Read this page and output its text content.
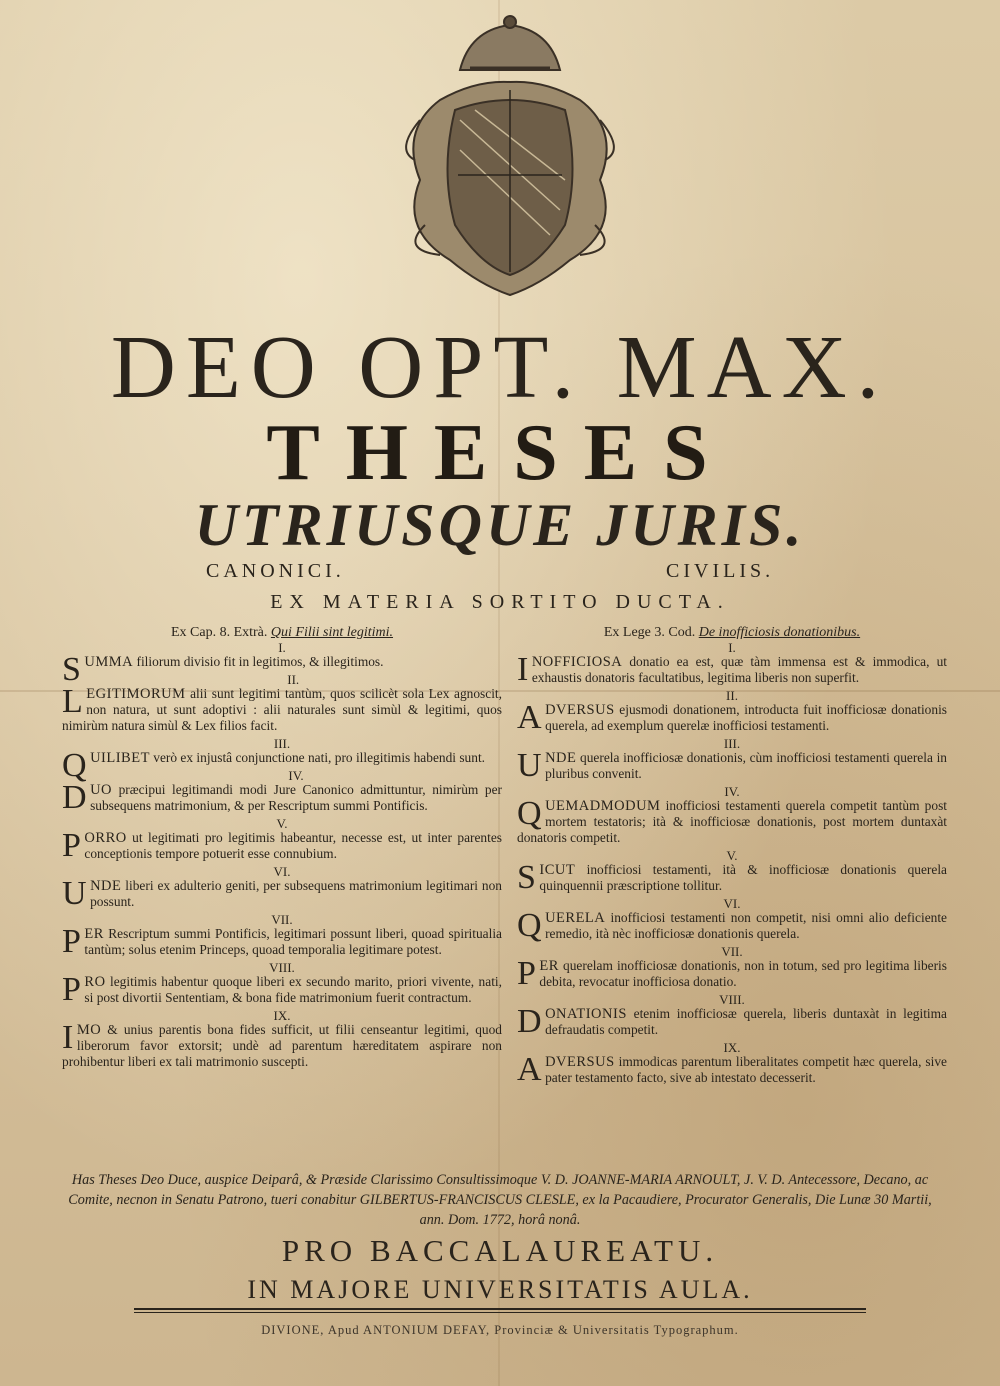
DEO OPT. MAX.
THESES
UTRIUSQUE JURIS.
CANONICI.	CIVILIS.
EX MATERIA SORTITO DUCTA.
Ex Cap. 8. Extrà. Qui Filii sint legitimi.
I.
SUMMA filiorum divisio fit in legitimos, & illegitimos.
II.
LEGITIMORUM alii sunt legitimi tantùm, quos scilicèt sola Lex agnoscit, non natura, ut sunt adoptivi : alii naturales sunt simùl & legitimi, quos nimirùm natura simùl & Lex filios facit.
III.
QUILIBET verò ex injustâ conjunctione nati, pro illegitimis habendi sunt.
IV.
DUO præcipui legitimandi modi Jure Canonico admittuntur, nimirùm per subsequens matrimonium, & per Rescriptum summi Pontificis.
V.
PORRO ut legitimati pro legitimis habeantur, necesse est, ut inter parentes conceptionis tempore potuerit esse connubium.
VI.
UNDE liberi ex adulterio geniti, per subsequens matrimonium legitimari non possunt.
VII.
PER Rescriptum summi Pontificis, legitimari possunt liberi, quoad spiritualia tantùm; solus etenim Princeps, quoad temporalia legitimare potest.
VIII.
PRO legitimis habentur quoque liberi ex secundo marito, priori vivente, nati, si post divortii Sententiam, & bona fide matrimonium fuerit contractum.
IX.
IMO & unius parentis bona fides sufficit, ut filii censeantur legitimi, quod liberorum favor extorsit; undè ad parentum hæreditatem aspirare non prohibentur liberi ex tali matrimonio suscepti.
Ex Lege 3. Cod. De inofficiosis donationibus.
I.
INOFFICIOSA donatio ea est, quæ tàm immensa est & immodica, ut exhaustis donatoris facultatibus, legitima liberis non superfit.
II.
ADVERSUS ejusmodi donationem, introducta fuit inofficiosæ donationis querela, ad exemplum querelæ inofficiosi testamenti.
III.
UNDE querela inofficiosæ donationis, cùm inofficiosi testamenti querela in pluribus convenit.
IV.
QUEMADMODUM inofficiosi testamenti querela competit tantùm post mortem testatoris; ità & inofficiosæ donationis, post mortem duntaxàt donatoris competit.
V.
SICUT inofficiosi testamenti, ità & inofficiosæ donationis querela quinquennii præscriptione tollitur.
VI.
QUERELA inofficiosi testamenti non competit, nisi omni alio deficiente remedio, ità nèc inofficiosæ donationis querela.
VII.
PER querelam inofficiosæ donationis, non in totum, sed pro legitima liberis debita, revocatur inofficiosa donatio.
VIII.
DONATIONIS etenim inofficiosæ querela, liberis duntaxàt in legitima defraudatis competit.
IX.
ADVERSUS immodicas parentum liberalitates competit hæc querela, sive pater testamento facto, sive ab intestato decesserit.
Has Theses Deo Duce, auspice Deiparâ, & Præside Clarissimo Consultissimoque V. D. JOANNE-MARIA ARNOULT, J. V. D. Antecessore, Decano, ac Comite, necnon in Senatu Patrono, tueri conabitur GILBERTUS-FRANCISCUS CLESLE, ex la Pacaudiere, Procurator Generalis, Die Lunæ 30 Martii, ann. Dom. 1772, horâ nonâ.
PRO BACCALAUREATU.
IN MAJORE UNIVERSITATIS AULA.
DIVIONE, Apud ANTONIUM DEFAY, Provinciæ & Universitatis Typographum.
